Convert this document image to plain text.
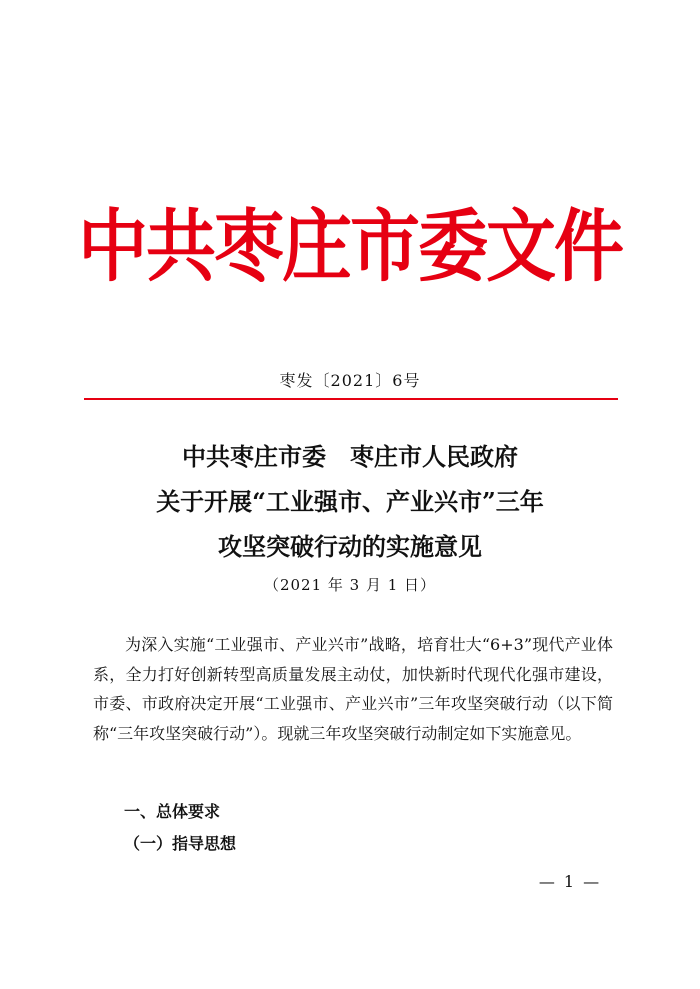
中共枣庄市委文件
枣发〔2021〕6号
中共枣庄市委　枣庄市人民政府
关于开展“工业强市、产业兴市”三年
攻坚突破行动的实施意见
（2021 年 3 月 1 日）
为深入实施“工业强市、产业兴市”战略，培育壮大“6+3”现代产业体系，全力打好创新转型高质量发展主动仗，加快新时代现代化强市建设，市委、市政府决定开展“工业强市、产业兴市”三年攻坚突破行动（以下简称“三年攻坚突破行动”）。现就三年攻坚突破行动制定如下实施意见。
一、总体要求
（一）指导思想
— 1 —
